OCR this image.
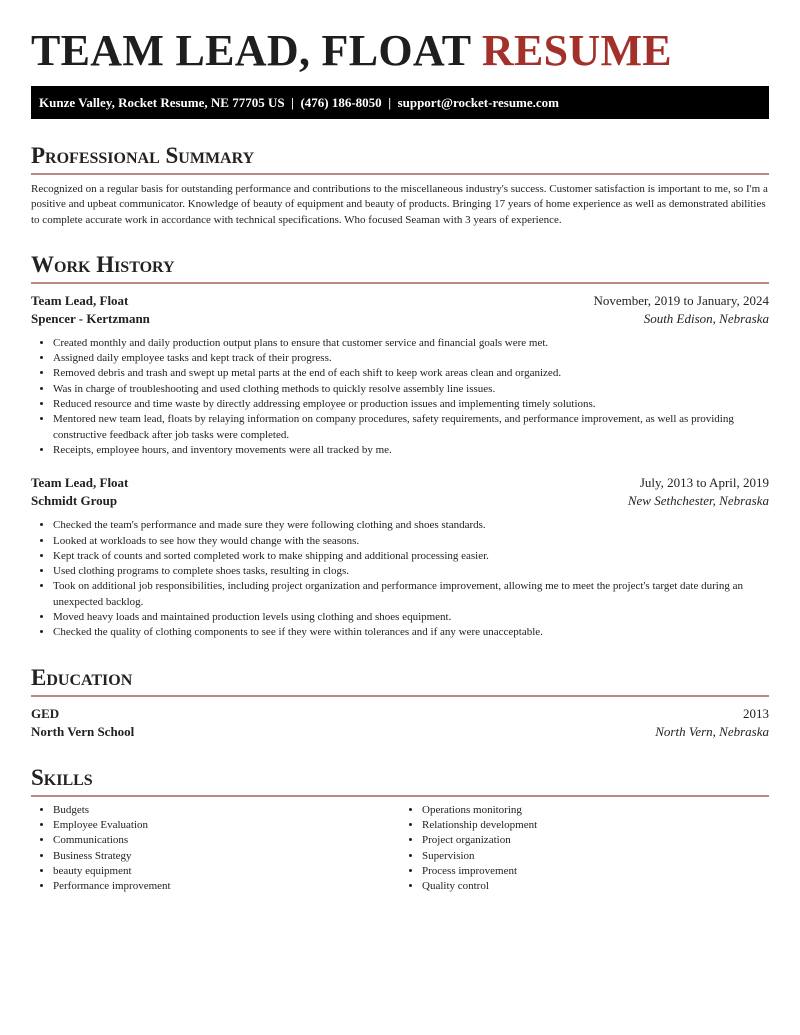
TEAM LEAD, FLOAT RESUME
Kunze Valley, Rocket Resume, NE 77705 US | (476) 186-8050 | support@rocket-resume.com
Professional Summary

Recognized on a regular basis for outstanding performance and contributions to the miscellaneous industry's success. Customer satisfaction is important to me, so I'm a positive and upbeat communicator. Knowledge of beauty of equipment and beauty of products. Bringing 17 years of home experience as well as demonstrated abilities to complete accurate work in accordance with technical specifications. Who focused Seaman with 3 years of experience.

Work History
Team Lead, Float	November, 2019 to January, 2024
Spencer - Kertzmann	South Edison, Nebraska
• Created monthly and daily production output plans to ensure that customer service and financial goals were met.
• Assigned daily employee tasks and kept track of their progress.
• Removed debris and trash and swept up metal parts at the end of each shift to keep work areas clean and organized.
• Was in charge of troubleshooting and used clothing methods to quickly resolve assembly line issues.
• Reduced resource and time waste by directly addressing employee or production issues and implementing timely solutions.
• Mentored new team lead, floats by relaying information on company procedures, safety requirements, and performance improvement, as well as providing constructive feedback after job tasks were completed.
• Receipts, employee hours, and inventory movements were all tracked by me.
Team Lead, Float	July, 2013 to April, 2019
Schmidt Group	New Sethchester, Nebraska
• Checked the team's performance and made sure they were following clothing and shoes standards.
• Looked at workloads to see how they would change with the seasons.
• Kept track of counts and sorted completed work to make shipping and additional processing easier.
• Used clothing programs to complete shoes tasks, resulting in clogs.
• Took on additional job responsibilities, including project organization and performance improvement, allowing me to meet the project's target date during an unexpected backlog.
• Moved heavy loads and maintained production levels using clothing and shoes equipment.
• Checked the quality of clothing components to see if they were within tolerances and if any were unacceptable.
Education
GED	2013
North Vern School	North Vern, Nebraska
Skills
• Budgets
• Employee Evaluation
• Communications
• Business Strategy
• beauty equipment
• Performance improvement
• Operations monitoring
• Relationship development
• Project organization
• Supervision
• Process improvement
• Quality control
